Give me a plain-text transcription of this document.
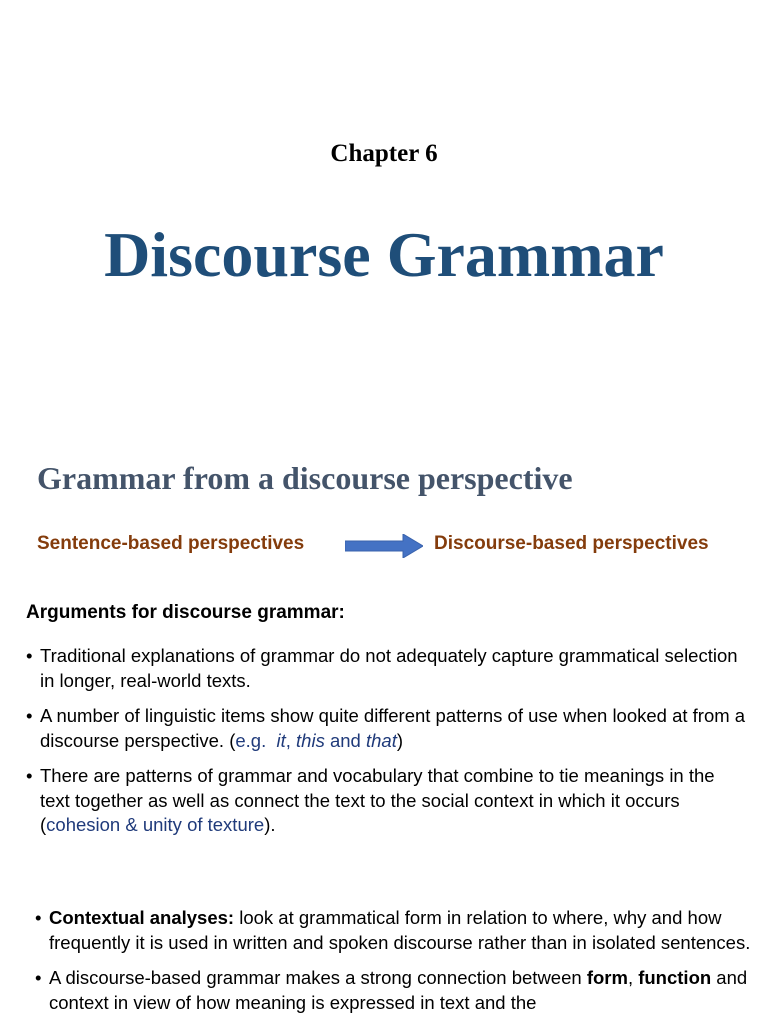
Chapter 6
Discourse Grammar
Grammar from a discourse perspective
Sentence-based perspectives	Discourse-based perspectives
Arguments for discourse grammar:
• Traditional explanations of grammar do not adequately capture grammatical selection in longer, real-world texts.
• A number of linguistic items show quite different patterns of use when looked at from a discourse perspective. (e.g. it, this and that)
• There are patterns of grammar and vocabulary that combine to tie meanings in the text together as well as connect the text to the social context in which it occurs (cohesion & unity of texture).
• Contextual analyses: look at grammatical form in relation to where, why and how frequently it is used in written and spoken discourse rather than in isolated sentences.
• A discourse-based grammar makes a strong connection between form, function and context in view of how meaning is expressed in text and the
